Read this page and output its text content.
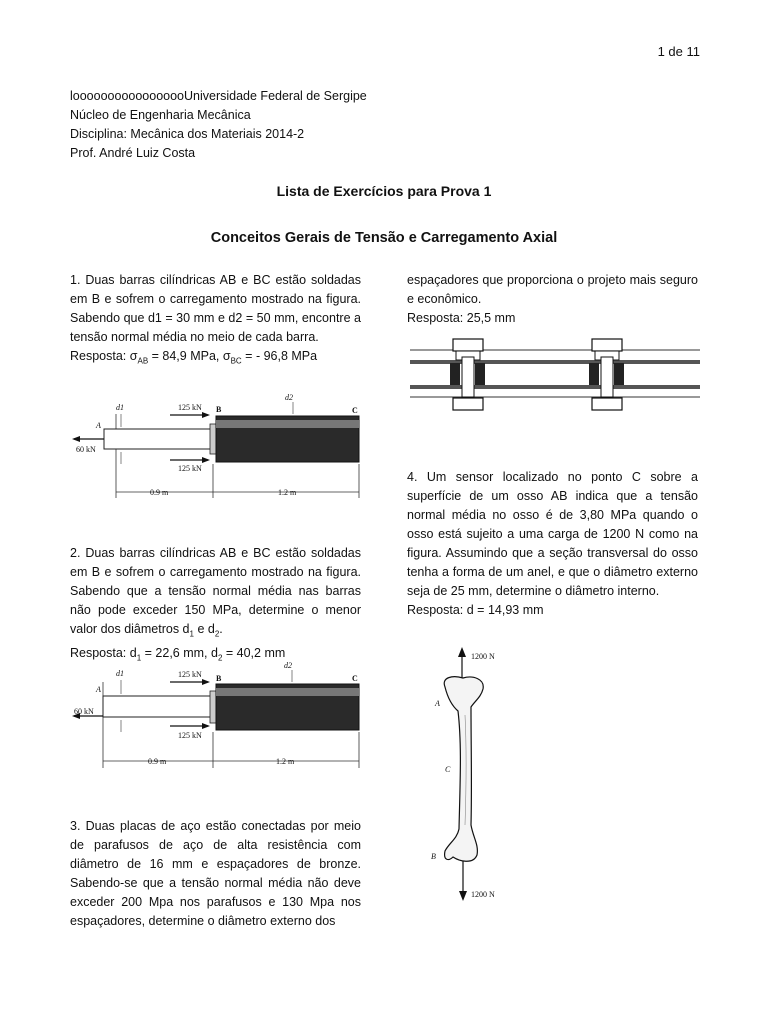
1 de 11
looooooooooooooooUniversidade Federal de Sergipe
Núcleo de Engenharia Mecânica
Disciplina: Mecânica dos Materiais 2014-2
Prof. André Luiz Costa
Lista de Exercícios para Prova 1
Conceitos Gerais de Tensão e Carregamento Axial

1. Duas barras cilíndricas AB e BC estão soldadas em B e sofrem o carregamento mostrado na figura. Sabendo que d1 = 30 mm e d2 = 50 mm, encontre a tensão normal média no meio de cada barra.

Resposta: $\sigma_{AB} = 84,9$ MPa, $\sigma_{BC}$ = - 96,8 MPa

d1
d2
125 kN
125 kN
60 kN
A
B	C
0.9 m	1.2 m

2. Duas barras cilíndricas AB e BC estão soldadas em B e sofrem o carregamento mostrado na figura. Sabendo que a tensão normal média nas barras não pode exceder 150 MPa, determine o menor valor dos diâmetros $d_1$ e $d_2$.

Resposta: $d_1 = 22,6$ mm, $d_2 = 40,2$ mm

d1
d2
125 kN
125 kN
60 kN
A
B	C
0.9 m	1.2 m

3. Duas placas de aço estão conectadas por meio de parafusos de aço de alta resistência com diâmetro de 16 mm e espaçadores de bronze. Sabendo-se que a tensão normal média não deve exceder 200 Mpa nos parafusos e 130 Mpa nos espaçadores, determine o diâmetro externo dos

espaçadores que proporciona o projeto mais seguro e econômico.

Resposta: 25,5 mm

4. Um sensor localizado no ponto C sobre a superfície de um osso AB indica que a tensão normal média no osso é de 3,80 MPa quando o osso está sujeito a uma carga de 1200 N como na figura. Assumindo que a seção transversal do osso tenha a forma de um anel, e que o diâmetro externo seja de 25 mm, determine o diâmetro interno.

Resposta: d = 14,93 mm

1200 N
1200 N
A
C
B
